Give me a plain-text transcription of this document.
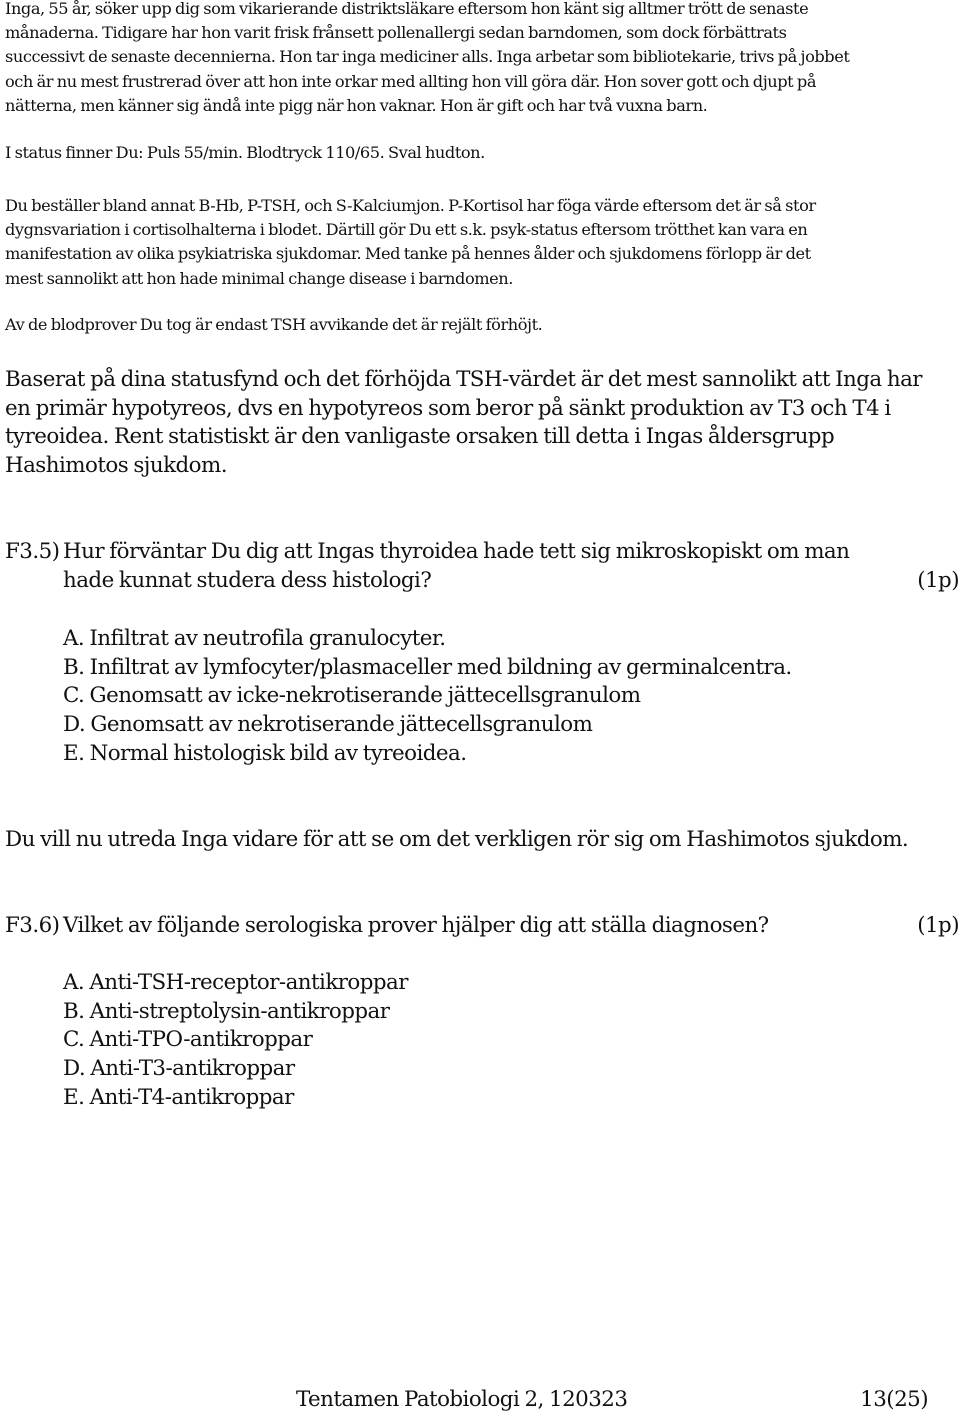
Inga, 55 år, söker upp dig som vikarierande distriktsläkare eftersom hon känt sig alltmer trött de senaste
månaderna. Tidigare har hon varit frisk frånsett pollenallergi sedan barndomen, som dock förbättrats
successivt de senaste decennierna. Hon tar inga mediciner alls. Inga arbetar som bibliotekarie, trivs på jobbet
och är nu mest frustrerad över att hon inte orkar med allting hon vill göra där. Hon sover gott och djupt på
nätterna, men känner sig ändå inte pigg när hon vaknar. Hon är gift och har två vuxna barn.
I status finner Du: Puls 55/min. Blodtryck 110/65. Sval hudton.
Du beställer bland annat B-Hb, P-TSH, och S-Kalciumjon. P-Kortisol har föga värde eftersom det är så stor
dygnsvariation i cortisolhalterna i blodet. Därtill gör Du ett s.k. psyk-status eftersom trötthet kan vara en
manifestation av olika psykiatriska sjukdomar. Med tanke på hennes ålder och sjukdomens förlopp är det
mest sannolikt att hon hade minimal change disease i barndomen.
Av de blodprover Du tog är endast TSH avvikande det är rejält förhöjt.
Baserat på dina statusfynd och det förhöjda TSH-värdet är det mest sannolikt att Inga har
en primär hypotyreos, dvs en hypotyreos som beror på sänkt produktion av T3 och T4 i
tyreoidea. Rent statistiskt är den vanligaste orsaken till detta i Ingas åldersgrupp
Hashimotos sjukdom.
F3.5) Hur förväntar Du dig att Ingas thyroidea hade tett sig mikroskopiskt om man
hade kunnat studera dess histologi?	(1p)
A. Infiltrat av neutrofila granulocyter.
B. Infiltrat av lymfocyter/plasmaceller med bildning av germinalcentra.
C. Genomsatt av icke-nekrotiserande jättecellsgranulom
D. Genomsatt av nekrotiserande jättecellsgranulom
E. Normal histologisk bild av tyreoidea.
Du vill nu utreda Inga vidare för att se om det verkligen rör sig om Hashimotos sjukdom.
F3.6) Vilket av följande serologiska prover hjälper dig att ställa diagnosen?	(1p)
A. Anti-TSH-receptor-antikroppar
B. Anti-streptolysin-antikroppar
C. Anti-TPO-antikroppar
D. Anti-T3-antikroppar
E. Anti-T4-antikroppar
Tentamen Patobiologi 2, 120323	13(25)
